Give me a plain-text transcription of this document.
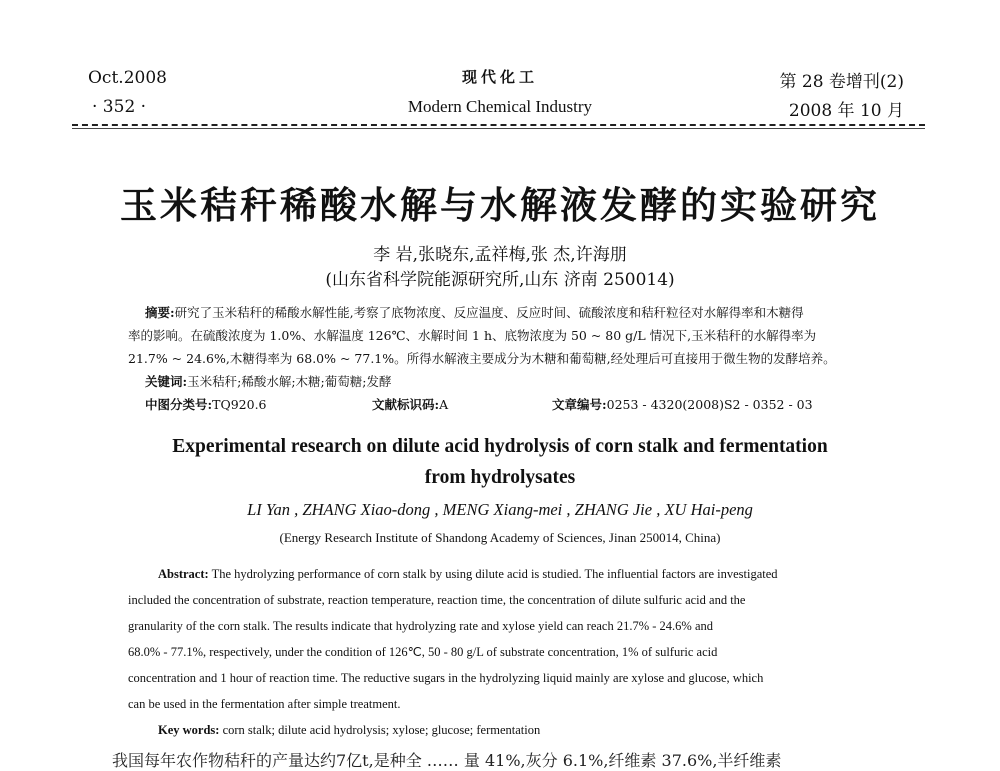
Oct.2008
· 352 ·
现代化工
Modern Chemical Industry
第 28 卷增刊(2)
2008 年 10 月
玉米秸秆稀酸水解与水解液发酵的实验研究
李 岩,张晓东,孟祥梅,张 杰,许海朋
(山东省科学院能源研究所,山东 济南 250014)
摘要:研究了玉米秸秆的稀酸水解性能,考察了底物浓度、反应温度、反应时间、硫酸浓度和秸秆粒径对水解得率和木糖得
率的影响。在硫酸浓度为 1.0%、水解温度 126℃、水解时间 1 h、底物浓度为 50 ~ 80 g/L 情况下,玉米秸秆的水解得率为
21.7% ~ 24.6%,木糖得率为 68.0% ~ 77.1%。所得水解液主要成分为木糖和葡萄糖,经处理后可直接用于微生物的发酵培养。
关键词:玉米秸秆;稀酸水解;木糖;葡萄糖;发酵
中图分类号:TQ920.6	文献标识码:A	文章编号:0253 - 4320(2008)S2 - 0352 - 03
Experimental research on dilute acid hydrolysis of corn stalk and fermentation
from hydrolysates
LI Yan , ZHANG Xiao-dong , MENG Xiang-mei , ZHANG Jie , XU Hai-peng
(Energy Research Institute of Shandong Academy of Sciences, Jinan 250014, China)
Abstract: The hydrolyzing performance of corn stalk by using dilute acid is studied. The influential factors are investigated
included the concentration of substrate, reaction temperature, reaction time, the concentration of dilute sulfuric acid and the
granularity of the corn stalk. The results indicate that hydrolyzing rate and xylose yield can reach 21.7% - 24.6% and
68.0% - 77.1%, respectively, under the condition of 126℃, 50 - 80 g/L of substrate concentration, 1% of sulfuric acid
concentration and 1 hour of reaction time. The reductive sugars in the hydrolyzing liquid mainly are xylose and glucose, which
can be used in the fermentation after simple treatment.
Key words: corn stalk; dilute acid hydrolysis; xylose; glucose; fermentation
我国每年农作物秸秆的产量达约7亿t,是种全 …… 量 41%,灰分 6.1%,纤维素 37.6%,半纤维素
